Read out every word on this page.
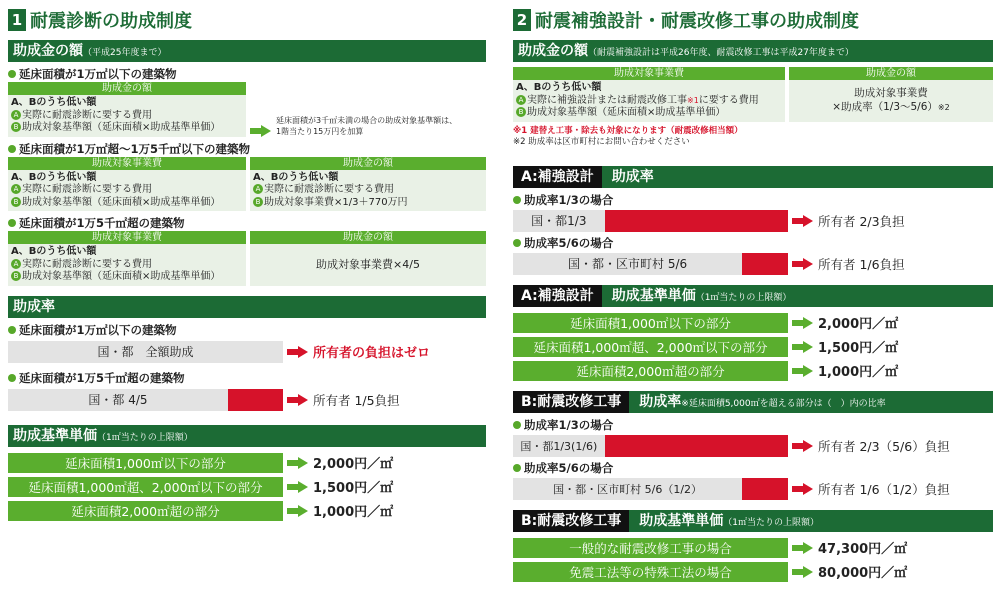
1 耐震診断の助成制度
助成金の額（平成25年度まで）
延床面積が1万㎡以下の建築物
助成金の額
A、Bのうち低い額
A 実際に耐震診断に要する費用
B 助成対象基準額（延床面積×助成基準単価）
延床面積が3千㎡未満の場合の助成対象基準額は、
1階当たり15万円を加算
延床面積が1万㎡超～1万5千㎡以下の建築物
助成対象事業費
A、Bのうち低い額
A 実際に耐震診断に要する費用
B 助成対象基準額（延床面積×助成基準単価）
助成金の額
A、Bのうち低い額
A 実際に耐震診断に要する費用
B 助成対象事業費×1/3＋770万円
延床面積が1万5千㎡超の建築物
助成対象事業費
A、Bのうち低い額
A 実際に耐震診断に要する費用
B 助成対象基準額（延床面積×助成基準単価）
助成金の額
助成対象事業費×4/5
助成率
延床面積が1万㎡以下の建築物
国・都　全額助成	所有者の負担はゼロ
延床面積が1万5千㎡超の建築物
国・都 4/5	所有者 1/5負担
助成基準単価（1㎡当たりの上限額）
延床面積1,000㎡以下の部分	2,000円／㎡
延床面積1,000㎡超、2,000㎡以下の部分	1,500円／㎡
延床面積2,000㎡超の部分	1,000円／㎡
2 耐震補強設計・耐震改修工事の助成制度
助成金の額（耐震補強設計は平成26年度、耐震改修工事は平成27年度まで）
助成対象事業費
A、Bのうち低い額
A 実際に補強設計または耐震改修工事※1に要する費用
B 助成対象基準額（延床面積×助成基準単価）
助成金の額
助成対象事業費
×助成率（1/3～5/6）※2
※1 建替え工事・除去も対象になります（耐震改修相当額）
※2 助成率は区市町村にお問い合わせください
A:補強設計 助成率
助成率1/3の場合
国・都1/3	所有者 2/3負担
助成率5/6の場合
国・都・区市町村 5/6	所有者 1/6負担
A:補強設計 助成基準単価（1㎡当たりの上限額）
延床面積1,000㎡以下の部分	2,000円／㎡
延床面積1,000㎡超、2,000㎡以下の部分	1,500円／㎡
延床面積2,000㎡超の部分	1,000円／㎡
B:耐震改修工事 助成率※延床面積5,000㎡を超える部分は（　）内の比率
助成率1/3の場合
国・都1/3(1/6)	所有者 2/3（5/6）負担
助成率5/6の場合
国・都・区市町村 5/6（1/2）	所有者 1/6（1/2）負担
B:耐震改修工事 助成基準単価（1㎡当たりの上限額）
一般的な耐震改修工事の場合	47,300円／㎡
免震工法等の特殊工法の場合	80,000円／㎡
